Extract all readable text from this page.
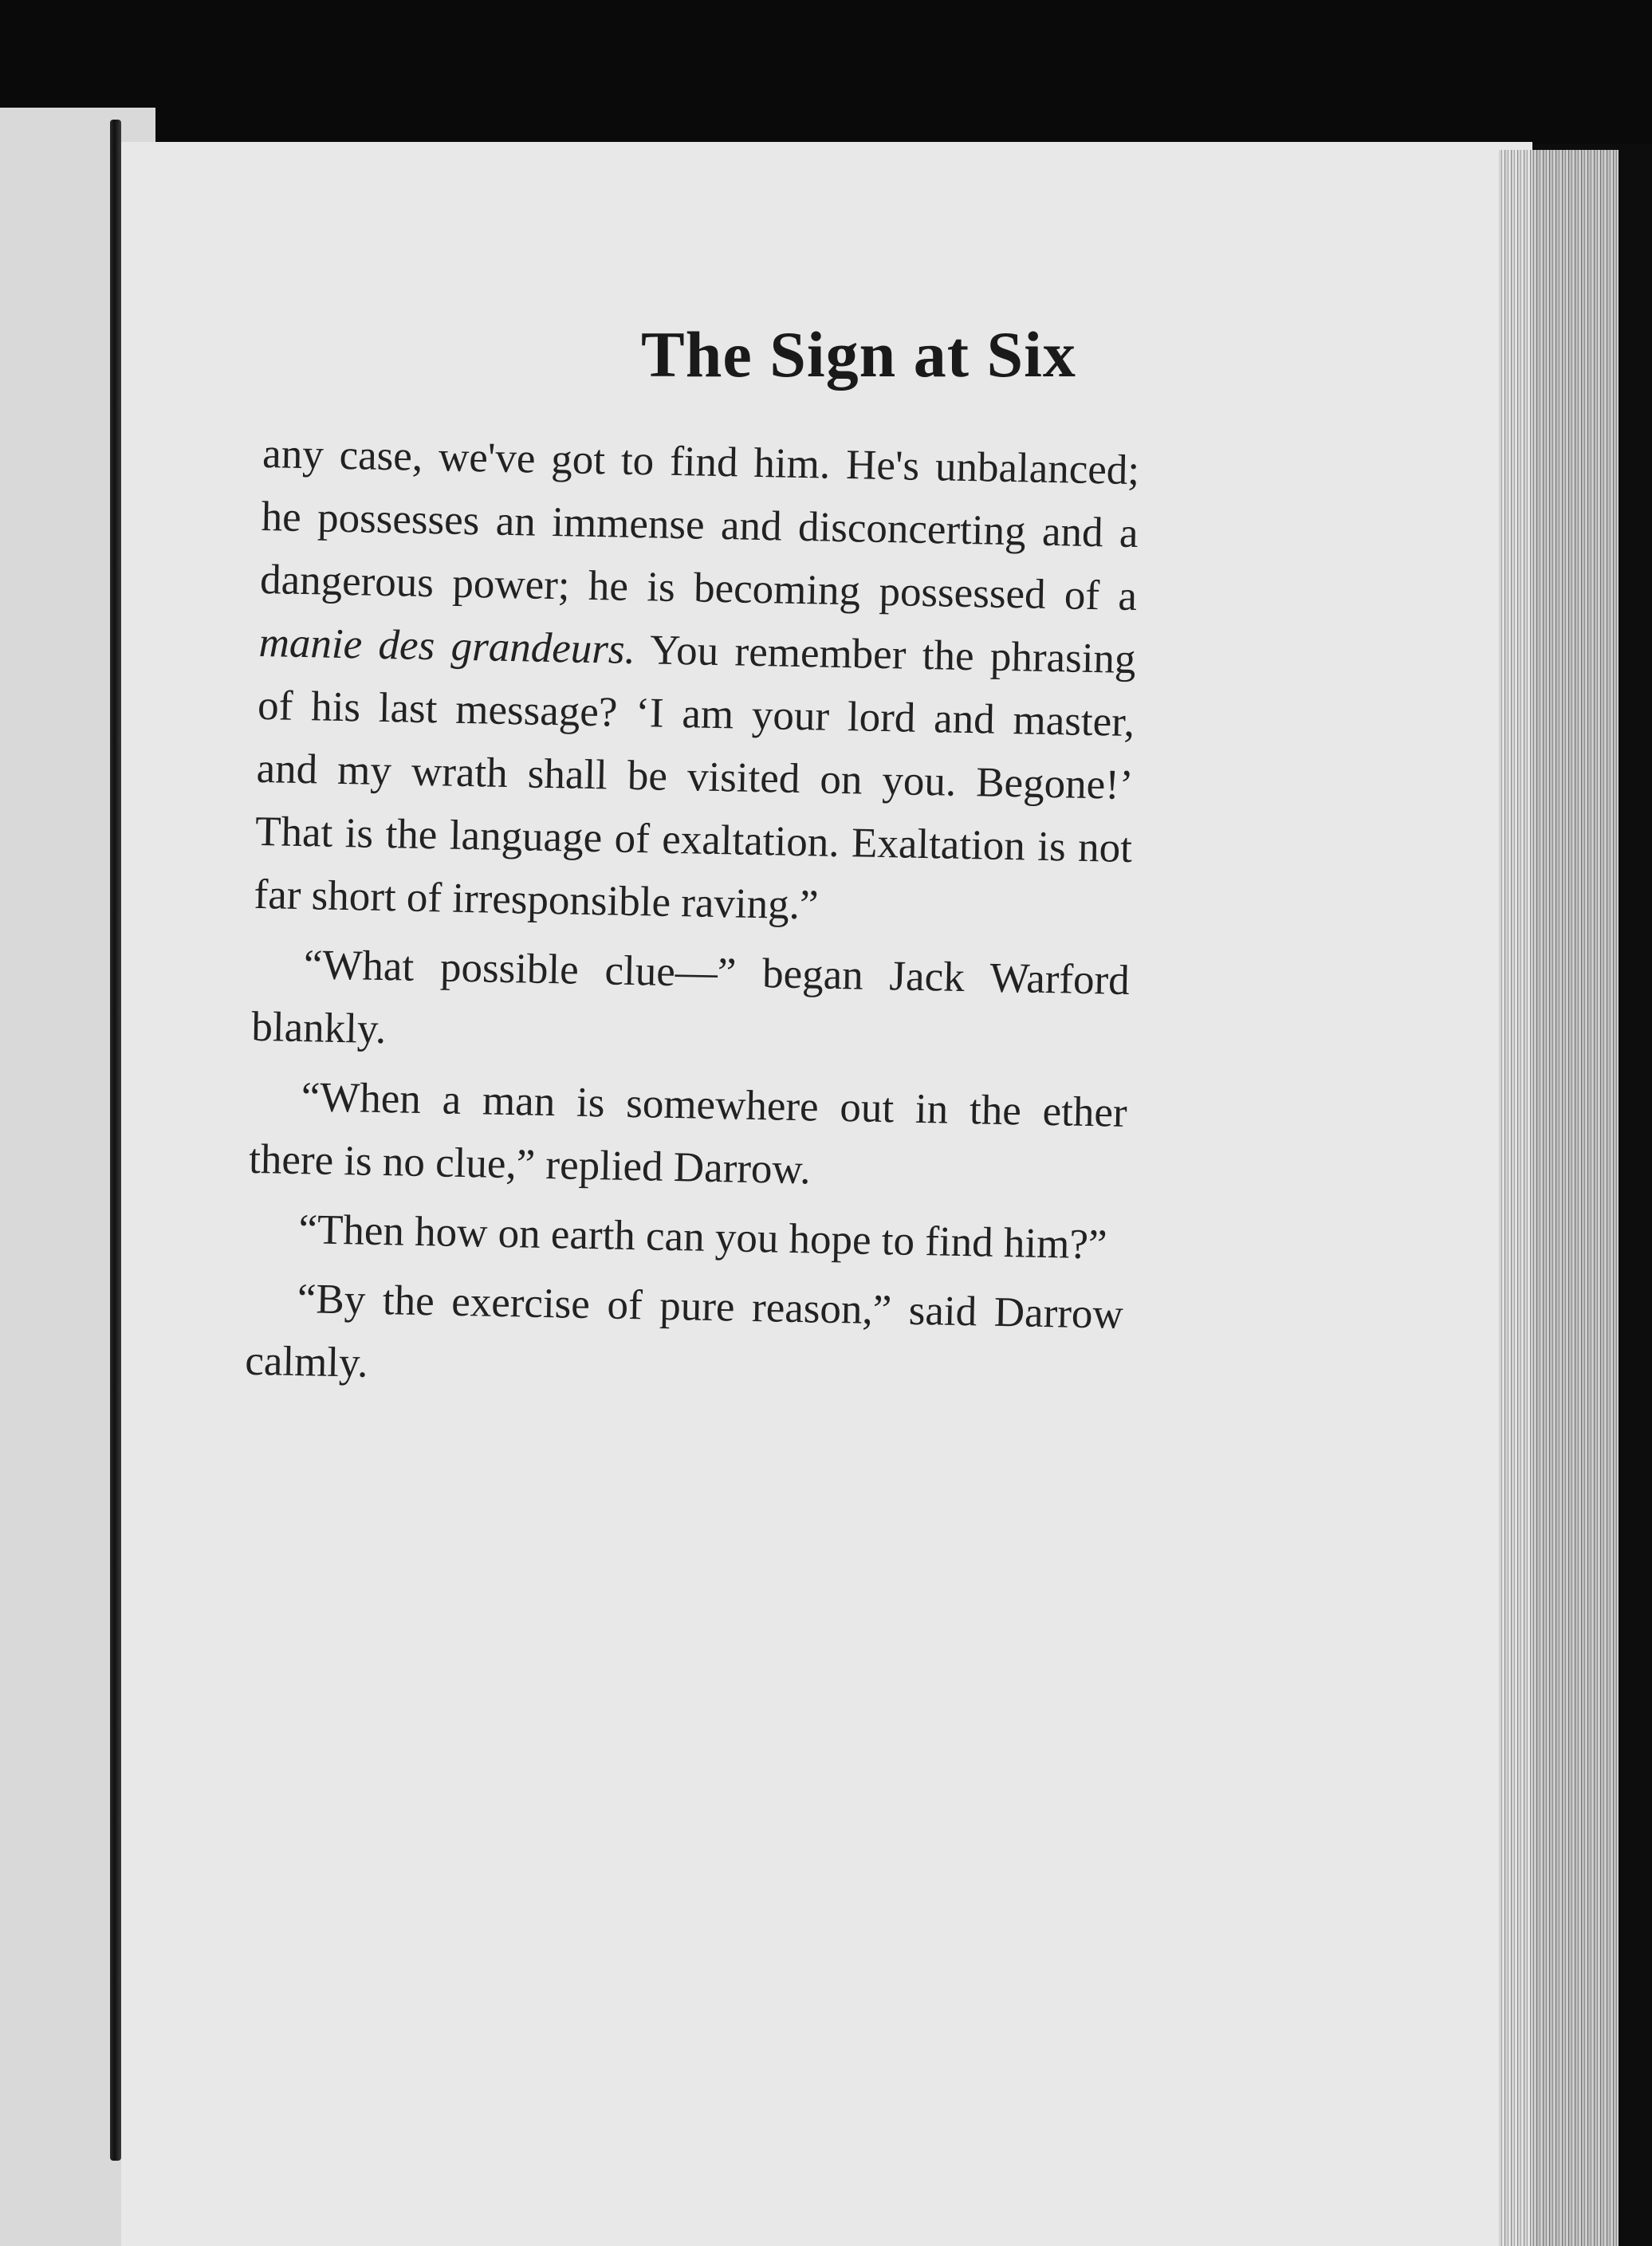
The Sign at Six

any case, we've got to find him. He's unbalanced; he possesses an immense and disconcerting and a dangerous power; he is becoming possessed of a manie des grandeurs. You remember the phrasing of his last message? ‘I am your lord and master, and my wrath shall be visited on you. Begone!’ That is the language of exaltation. Exaltation is not far short of irresponsible raving.”

“What possible clue—” began Jack Warford blankly.

“When a man is somewhere out in the ether there is no clue,” replied Darrow.

“Then how on earth can you hope to find him?”

“By the exercise of pure reason,” said Darrow calmly.
